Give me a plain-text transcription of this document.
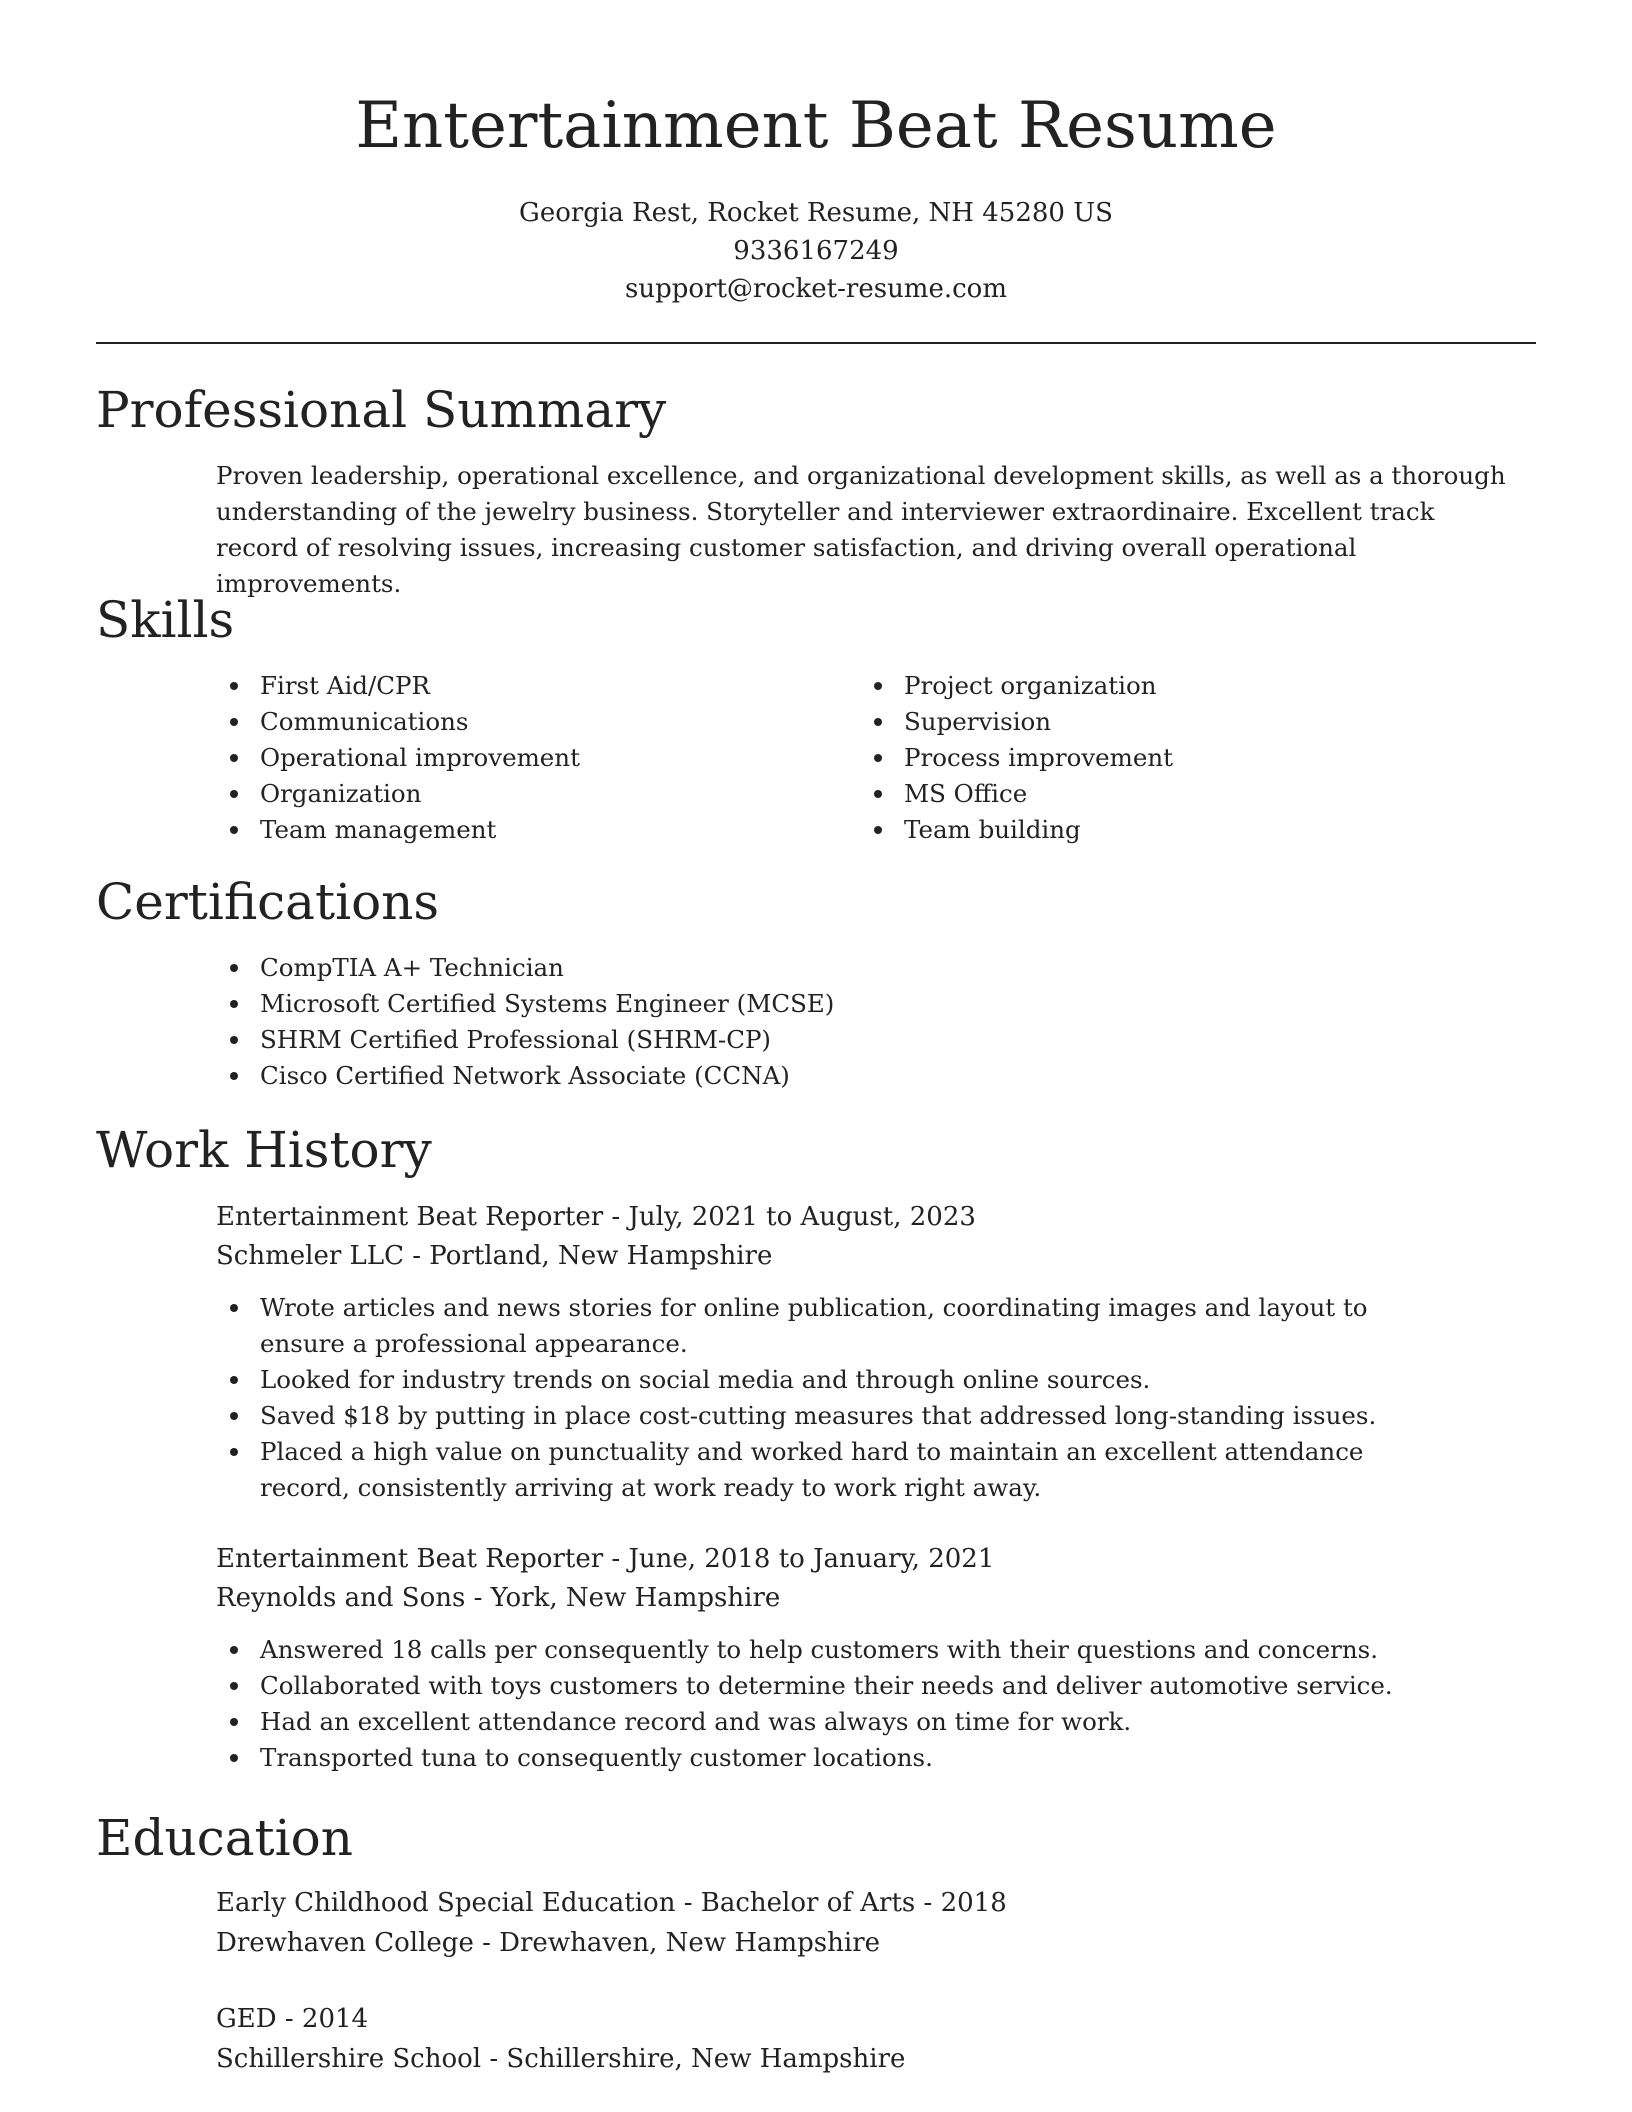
Entertainment Beat Resume
Georgia Rest, Rocket Resume, NH 45280 US
9336167249
support@rocket-resume.com
Professional Summary
Proven leadership, operational excellence, and organizational development skills, as well as a thorough understanding of the jewelry business. Storyteller and interviewer extraordinaire. Excellent track record of resolving issues, increasing customer satisfaction, and driving overall operational improvements.
Skills
First Aid/CPR
Communications
Operational improvement
Organization
Team management
Project organization
Supervision
Process improvement
MS Office
Team building
Certifications
CompTIA A+ Technician
Microsoft Certified Systems Engineer (MCSE)
SHRM Certified Professional (SHRM-CP)
Cisco Certified Network Associate (CCNA)
Work History
Entertainment Beat Reporter - July, 2021 to August, 2023
Schmeler LLC - Portland, New Hampshire
Wrote articles and news stories for online publication, coordinating images and layout to ensure a professional appearance.
Looked for industry trends on social media and through online sources.
Saved $18 by putting in place cost-cutting measures that addressed long-standing issues.
Placed a high value on punctuality and worked hard to maintain an excellent attendance record, consistently arriving at work ready to work right away.
Entertainment Beat Reporter - June, 2018 to January, 2021
Reynolds and Sons - York, New Hampshire
Answered 18 calls per consequently to help customers with their questions and concerns.
Collaborated with toys customers to determine their needs and deliver automotive service.
Had an excellent attendance record and was always on time for work.
Transported tuna to consequently customer locations.
Education
Early Childhood Special Education - Bachelor of Arts - 2018
Drewhaven College - Drewhaven, New Hampshire
GED - 2014
Schillershire School - Schillershire, New Hampshire
